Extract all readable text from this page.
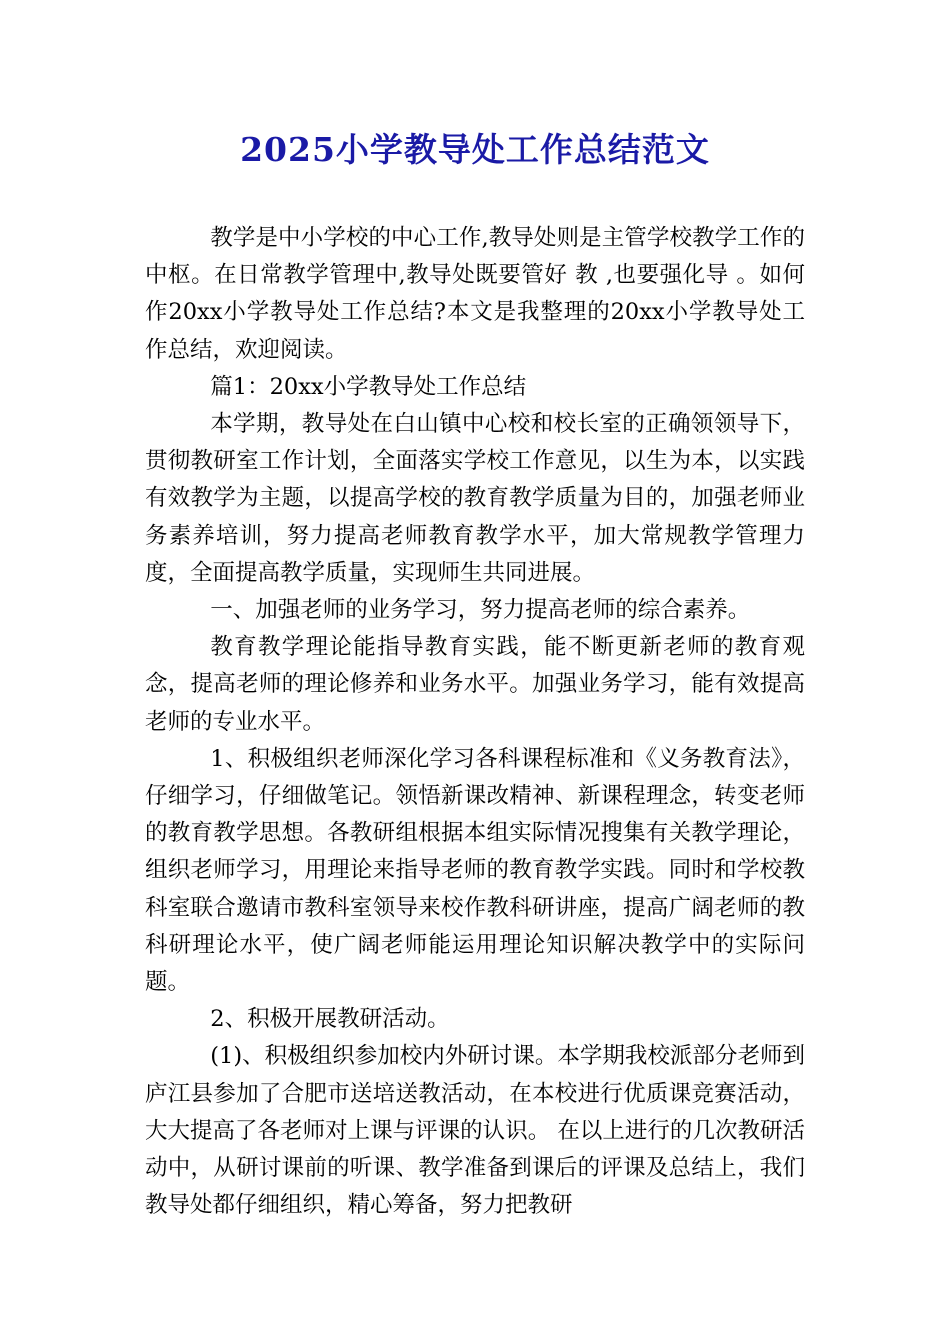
2025小学教导处工作总结范文

教学是中小学校的中心工作,教导处则是主管学校教学工作的中枢。在日常教学管理中,教导处既要管好 教 ,也要强化导 。如何作20xx小学教导处工作总结?本文是我整理的20xx小学教导处工作总结，欢迎阅读。

篇1：20xx小学教导处工作总结

本学期，教导处在白山镇中心校和校长室的正确领领导下，贯彻教研室工作计划，全面落实学校工作意见，以生为本，以实践有效教学为主题，以提高学校的教育教学质量为目的，加强老师业务素养培训，努力提高老师教育教学水平，加大常规教学管理力度，全面提高教学质量，实现师生共同进展。

一、加强老师的业务学习，努力提高老师的综合素养。

教育教学理论能指导教育实践，能不断更新老师的教育观念，提高老师的理论修养和业务水平。加强业务学习，能有效提高老师的专业水平。

1、积极组织老师深化学习各科课程标准和《义务教育法》，仔细学习，仔细做笔记。领悟新课改精神、新课程理念，转变老师的教育教学思想。各教研组根据本组实际情况搜集有关教学理论，组织老师学习，用理论来指导老师的教育教学实践。同时和学校教科室联合邀请市教科室领导来校作教科研讲座，提高广阔老师的教科研理论水平，使广阔老师能运用理论知识解决教学中的实际问题。

2、积极开展教研活动。

(1)、积极组织参加校内外研讨课。本学期我校派部分老师到庐江县参加了合肥市送培送教活动，在本校进行优质课竞赛活动，大大提高了各老师对上课与评课的认识。 在以上进行的几次教研活动中，从研讨课前的听课、教学准备到课后的评课及总结上，我们教导处都仔细组织，精心筹备，努力把教研
